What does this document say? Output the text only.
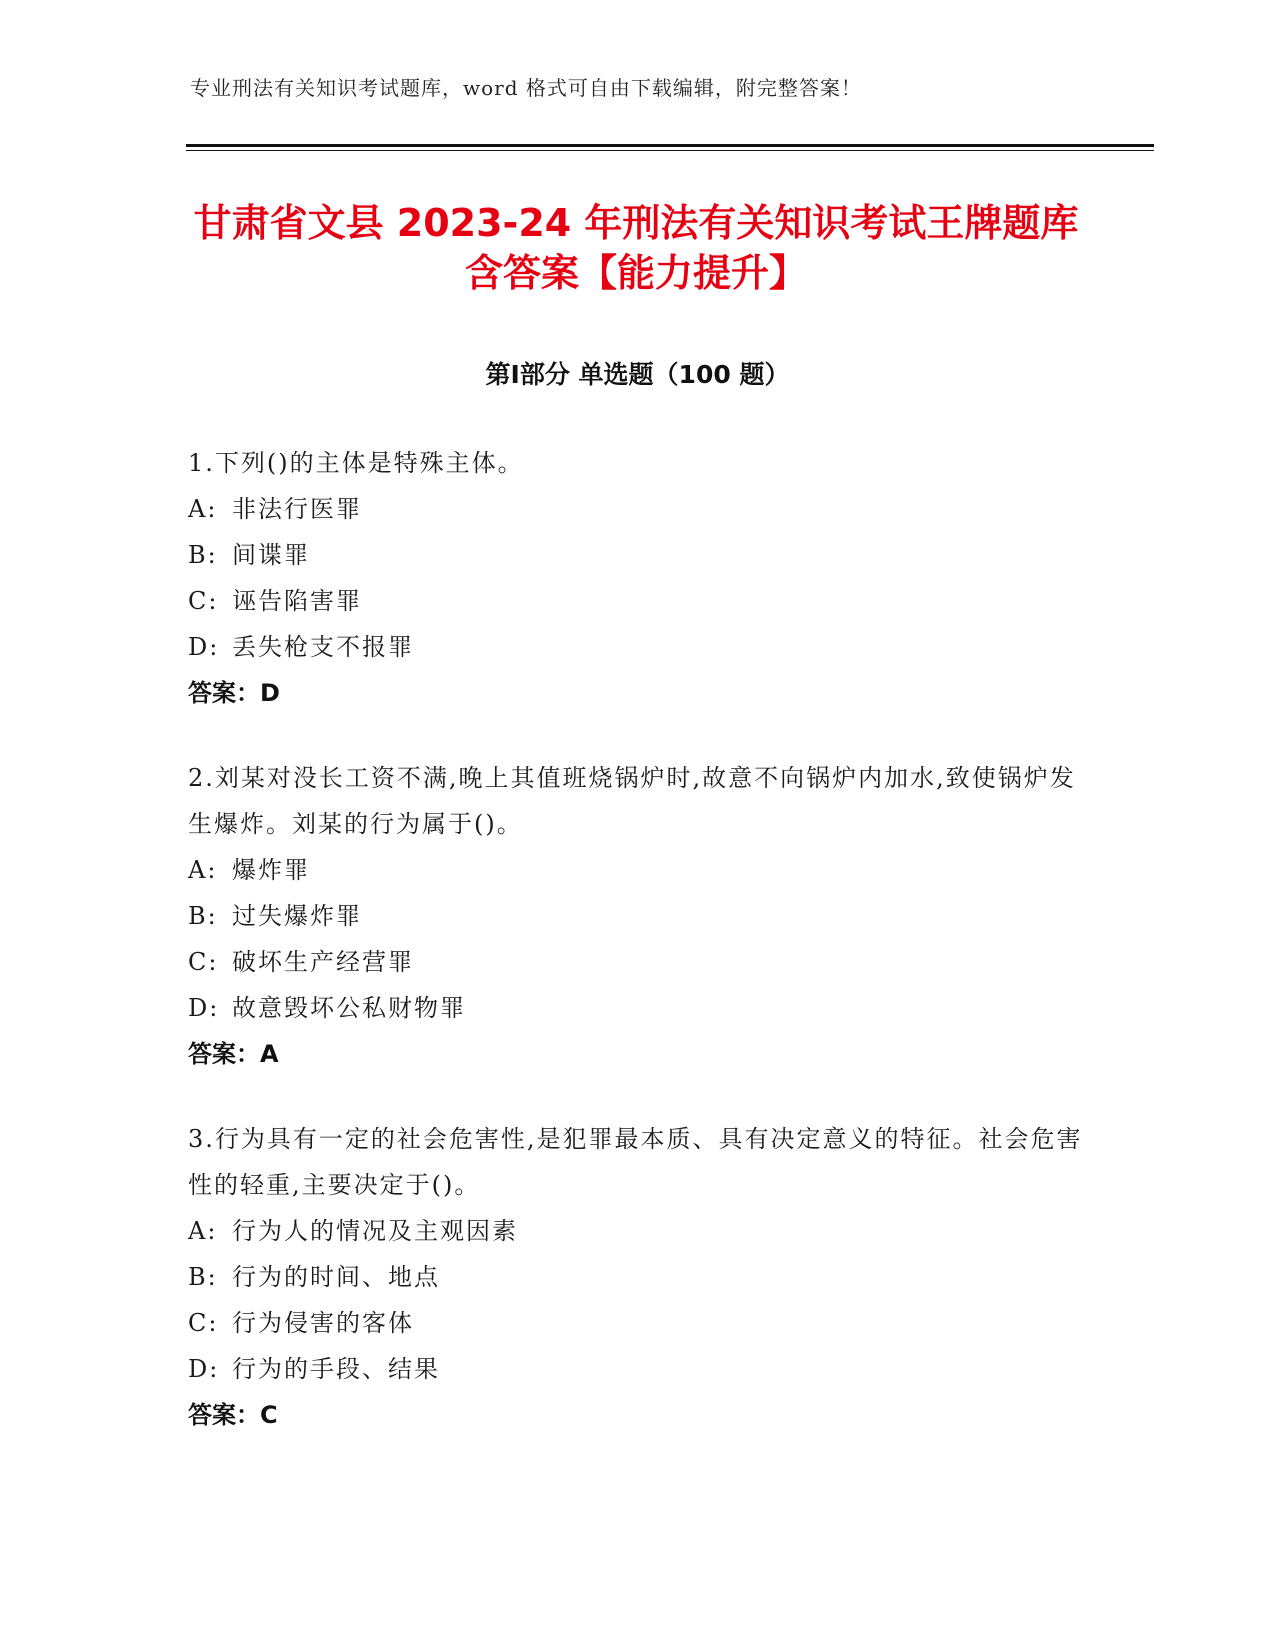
专业刑法有关知识考试题库，word 格式可自由下载编辑，附完整答案！
甘肃省文县 2023-24 年刑法有关知识考试王牌题库含答案【能力提升】
第Ⅰ部分 单选题（100 题）

1.下列()的主体是特殊主体。

A: 非法行医罪
B: 间谍罪
C: 诬告陷害罪
D: 丢失枪支不报罪
答案：D

2.刘某对没长工资不满,晚上其值班烧锅炉时,故意不向锅炉内加水,致使锅炉发生爆炸。刘某的行为属于()。

A: 爆炸罪
B: 过失爆炸罪
C: 破坏生产经营罪
D: 故意毁坏公私财物罪
答案：A

3.行为具有一定的社会危害性,是犯罪最本质、具有决定意义的特征。社会危害性的轻重,主要决定于()。

A: 行为人的情况及主观因素
B: 行为的时间、地点
C: 行为侵害的客体
D: 行为的手段、结果
答案：C
